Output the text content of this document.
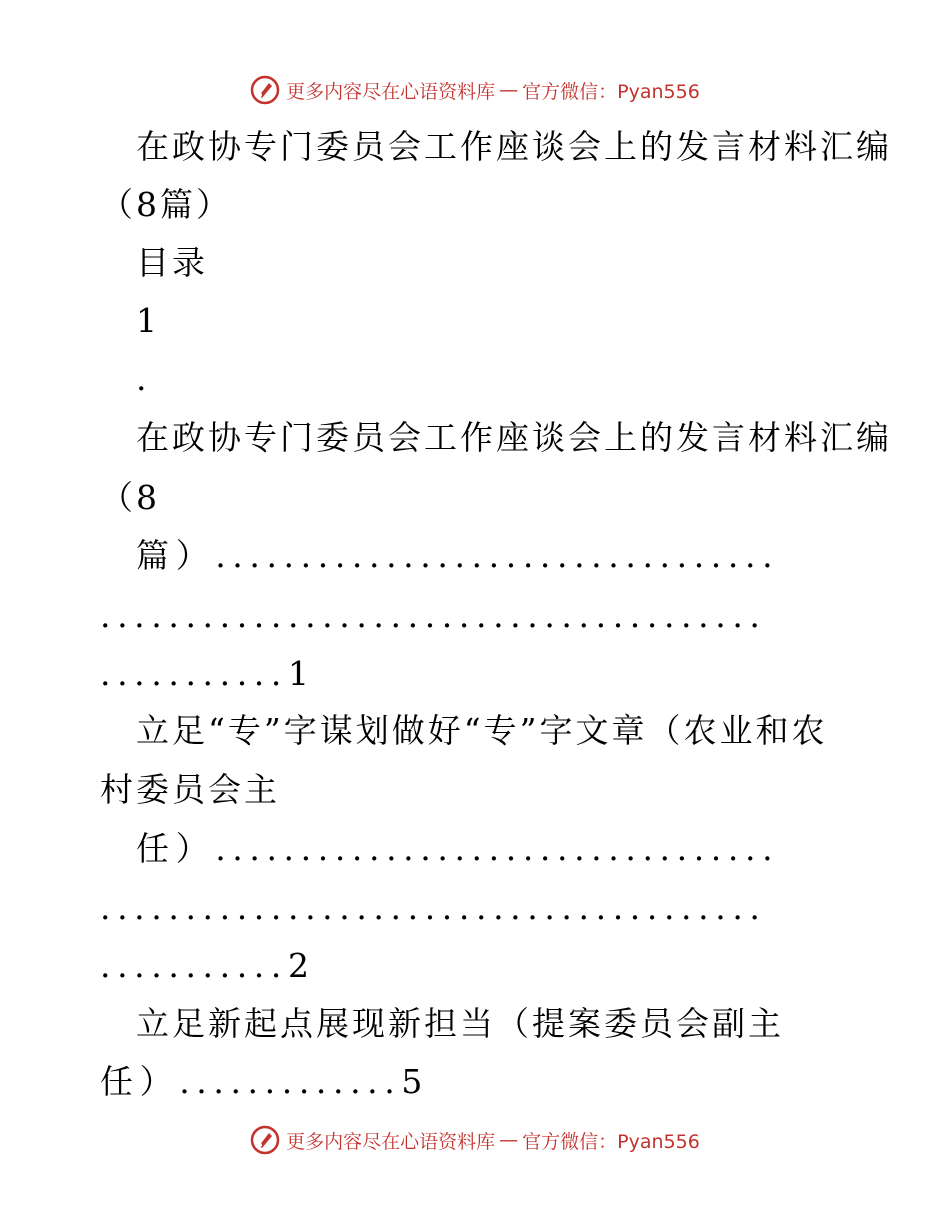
更多内容尽在心语资料库 — 官方微信：Pyan556
在政协专门委员会工作座谈会上的发言材料汇编
（8篇）
目录
1
.
在政协专门委员会工作座谈会上的发言材料汇编
（8
篇）.................................
.......................................
...........1
立足“专”字谋划做好“专”字文章（农业和农
村委员会主
任）.................................
.......................................
...........2
立足新起点展现新担当（提案委员会副主
任）.............5
更多内容尽在心语资料库 — 官方微信：Pyan556
